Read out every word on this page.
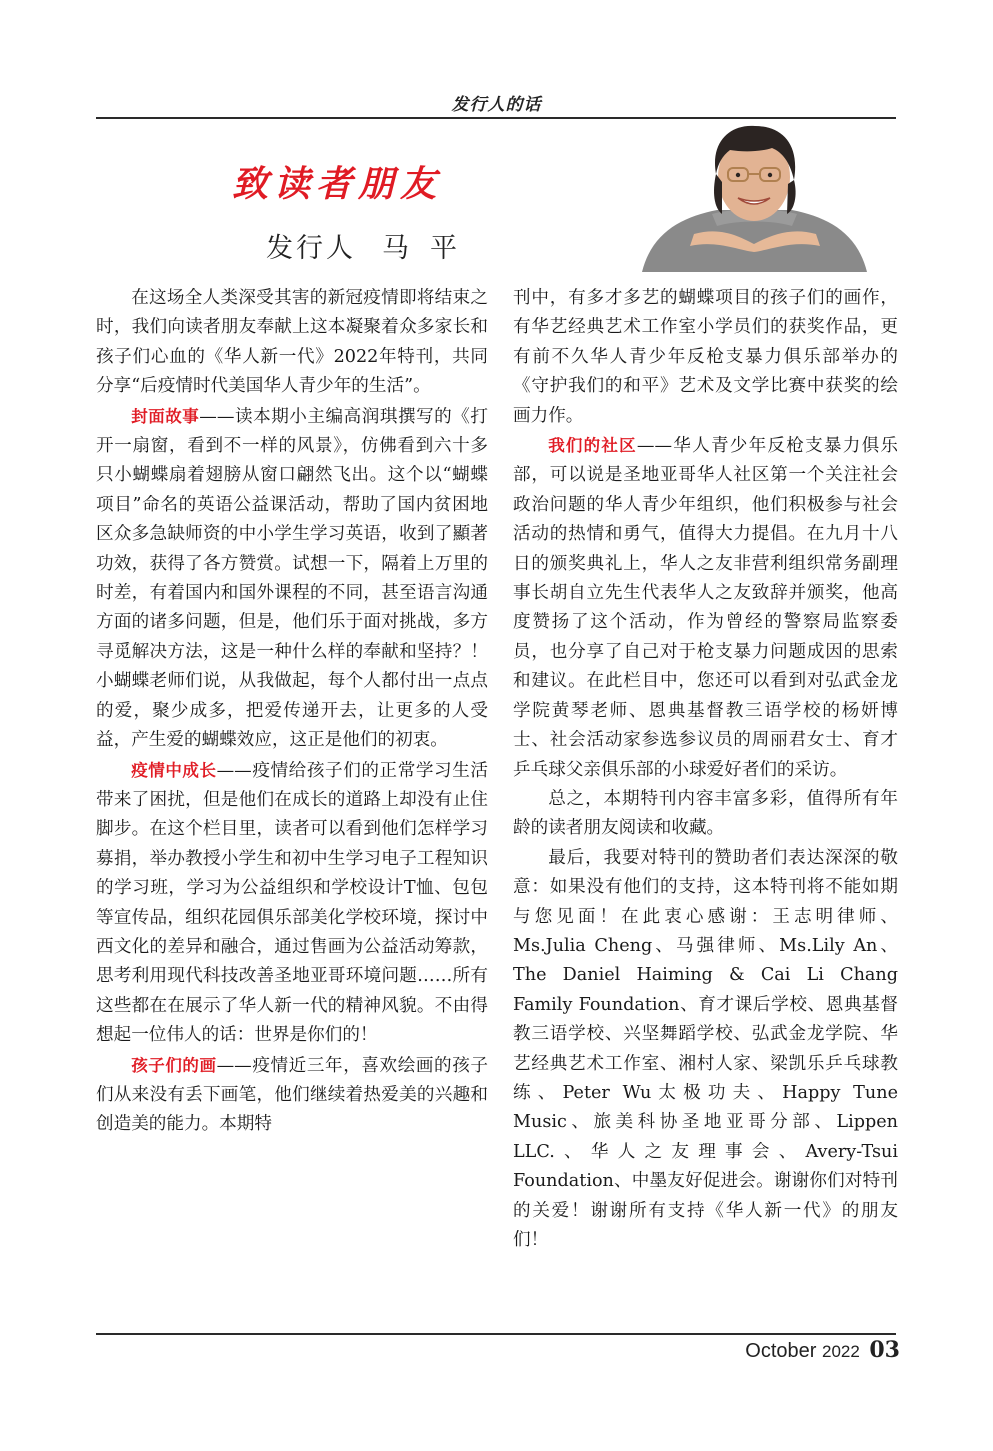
发行人的话
致读者朋友
发行人 马 平

在这场全人类深受其害的新冠疫情即将结束之时，我们向读者朋友奉献上这本凝聚着众多家长和孩子们心血的《华人新一代》2022年特刊，共同分享“后疫情时代美国华人青少年的生活”。

封面故事——读本期小主编高润琪撰写的《打开一扇窗，看到不一样的风景》，仿佛看到六十多只小蝴蝶扇着翅膀从窗口翩然飞出。这个以“蝴蝶项目”命名的英语公益课活动，帮助了国内贫困地区众多急缺师资的中小学生学习英语，收到了顯著功效，获得了各方赞赏。试想一下，隔着上万里的时差，有着国内和国外课程的不同，甚至语言沟通方面的诸多问题，但是，他们乐于面对挑战，多方寻觅解决方法，这是一种什么样的奉献和坚持？！小蝴蝶老师们说，从我做起，每个人都付出一点点的爱，聚少成多，把爱传递开去，让更多的人受益，产生爱的蝴蝶效应，这正是他们的初衷。

疫情中成长——疫情给孩子们的正常学习生活带来了困扰，但是他们在成长的道路上却没有止住脚步。在这个栏目里，读者可以看到他们怎样学习募捐，举办教授小学生和初中生学习电子工程知识的学习班，学习为公益组织和学校设计T恤、包包等宣传品，组织花园俱乐部美化学校环境，探讨中西文化的差异和融合，通过售画为公益活动筹款，思考利用现代科技改善圣地亚哥环境问题……所有这些都在在展示了华人新一代的精神风貌。不由得想起一位伟人的话：世界是你们的！

孩子们的画——疫情近三年，喜欢绘画的孩子们从来没有丢下画笔，他们继续着热爱美的兴趣和创造美的能力。本期特

刊中，有多才多艺的蝴蝶项目的孩子们的画作，有华艺经典艺术工作室小学员们的获奖作品，更有前不久华人青少年反枪支暴力俱乐部举办的《守护我们的和平》艺术及文学比赛中获奖的绘画力作。

我们的社区——华人青少年反枪支暴力俱乐部，可以说是圣地亚哥华人社区第一个关注社会政治问题的华人青少年组织，他们积极参与社会活动的热情和勇气，值得大力提倡。在九月十八日的颁奖典礼上，华人之友非营利组织常务副理事长胡自立先生代表华人之友致辞并颁奖，他高度赞扬了这个活动，作为曾经的警察局监察委员，也分享了自己对于枪支暴力问题成因的思索和建议。在此栏目中，您还可以看到对弘武金龙学院黄琴老师、恩典基督教三语学校的杨妍博士、社会活动家参选参议员的周丽君女士、育才乒乓球父亲俱乐部的小球爱好者们的采访。

总之，本期特刊内容丰富多彩，值得所有年龄的读者朋友阅读和收藏。

最后，我要对特刊的赞助者们表达深深的敬意：如果没有他们的支持，这本特刊将不能如期与您见面！在此衷心感谢：王志明律师、Ms.Julia Cheng、马强律师、Ms.Lily An、The Daniel Haiming & Cai Li Chang Family Foundation、育才课后学校、恩典基督教三语学校、兴坚舞蹈学校、弘武金龙学院、华艺经典艺术工作室、湘村人家、梁凯乐乒乓球教练、Peter Wu太极功夫、Happy Tune Music、旅美科协圣地亚哥分部、Lippen LLC.、华人之友理事会、Avery-Tsui Foundation、中墨友好促进会。谢谢你们对特刊的关爱！谢谢所有支持《华人新一代》的朋友们！

October 2022 03
